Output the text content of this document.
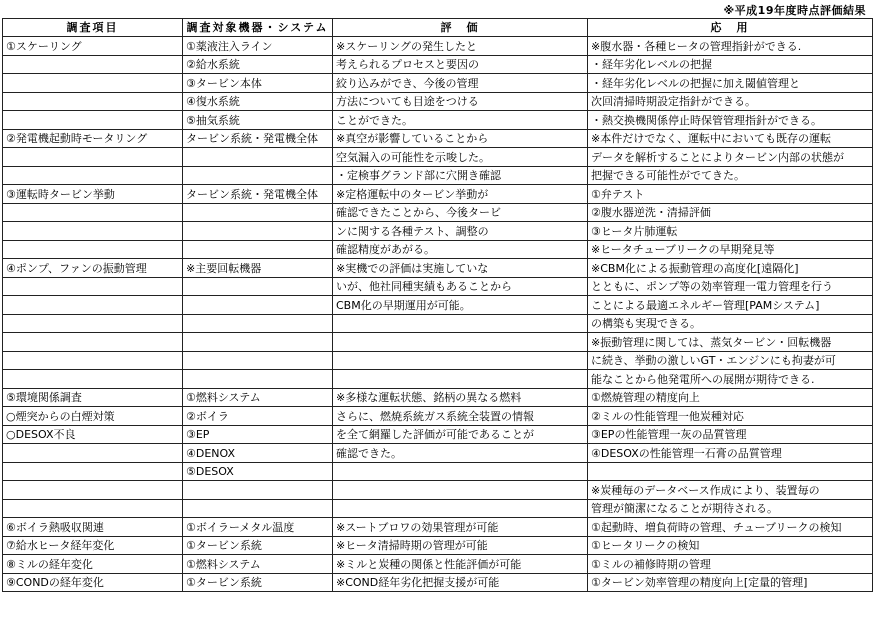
※平成19年度時点評価結果
調査項目	調査対象機器・システム	評　価	応　用
①スケーリング	①薬液注入ライン	※スケーリングの発生したと	※腹水器・各種ヒータの管理指針ができる.
	②給水系統	考えられるプロセスと要因の	・経年劣化レベルの把握
	③タービン本体	絞り込みができ、今後の管理	・経年劣化レベルの把握に加え閾値管理と
	④復水系統	方法についても目途をつける	次回清掃時期設定指針ができる。
	⑤抽気系統	ことができた。	・熱交換機関係停止時保管管理指針ができる。
②発電機起動時モータリング	タービン系統・発電機全体	※真空が影響していることから	※本件だけでなく、運転中においても既存の運転
		空気漏入の可能性を示唆した。	データを解析することによりタービン内部の状態が
		・定検事グランド部に穴開き確認	把握できる可能性がでてきた。
③運転時タービン挙動	タービン系統・発電機全体	※定格運転中のタービン挙動が	①弁テスト
		確認できたことから、今後タービ	②腹水器逆洗・清掃評価
		ンに関する各種テスト、調整の	③ヒータ片肺運転
		確認精度があがる。	※ヒータチューブリークの早期発見等
④ポンプ、ファンの振動管理	※主要回転機器	※実機での評価は実施していな	※CBM化による振動管理の高度化[遠隔化]
		いが、他社同種実績もあることから	とともに、ポンプ等の効率管理一電力管理を行う
		CBM化の早期運用が可能。	ことによる最適エネルギー管理[PAMシステム]
			の構築も実現できる。
			※振動管理に関しては、蒸気タービン・回転機器
			に続き、挙動の激しいGT・エンジンにも拘妻が可
			能なことから他発電所への展開が期待できる.
⑤環境関係調査	①燃料システム	※多様な運転状態、銘柄の異なる燃料	①燃焼管理の精度向上
○煙突からの白煙対策	②ボイラ	さらに、燃焼系統ガス系統全装置の情報	②ミルの性能管理一他炭種対応
○DESOX不良	③EP	を全て網羅した評価が可能であることが	③EPの性能管理一灰の品質管理
	④DENOX	確認できた。	④DESOXの性能管理一石膏の品質管理
	⑤DESOX		
			※炭種毎のデータベース作成により、装置毎の
			管理が簡潔になることが期待される。
⑥ボイラ熱吸収関連	①ボイラーメタル温度	※スートブロワの効果管理が可能	①起動時、増負荷時の管理、チューブリークの検知
⑦給水ヒータ経年変化	①タービン系統	※ヒータ清掃時期の管理が可能	①ヒータリークの検知
⑧ミルの経年変化	①燃料システム	※ミルと炭種の関係と性能評価が可能	①ミルの補修時期の管理
⑨CONDの経年変化	①タービン系統	※COND経年劣化把握支援が可能	①タービン効率管理の精度向上[定量的管理]
